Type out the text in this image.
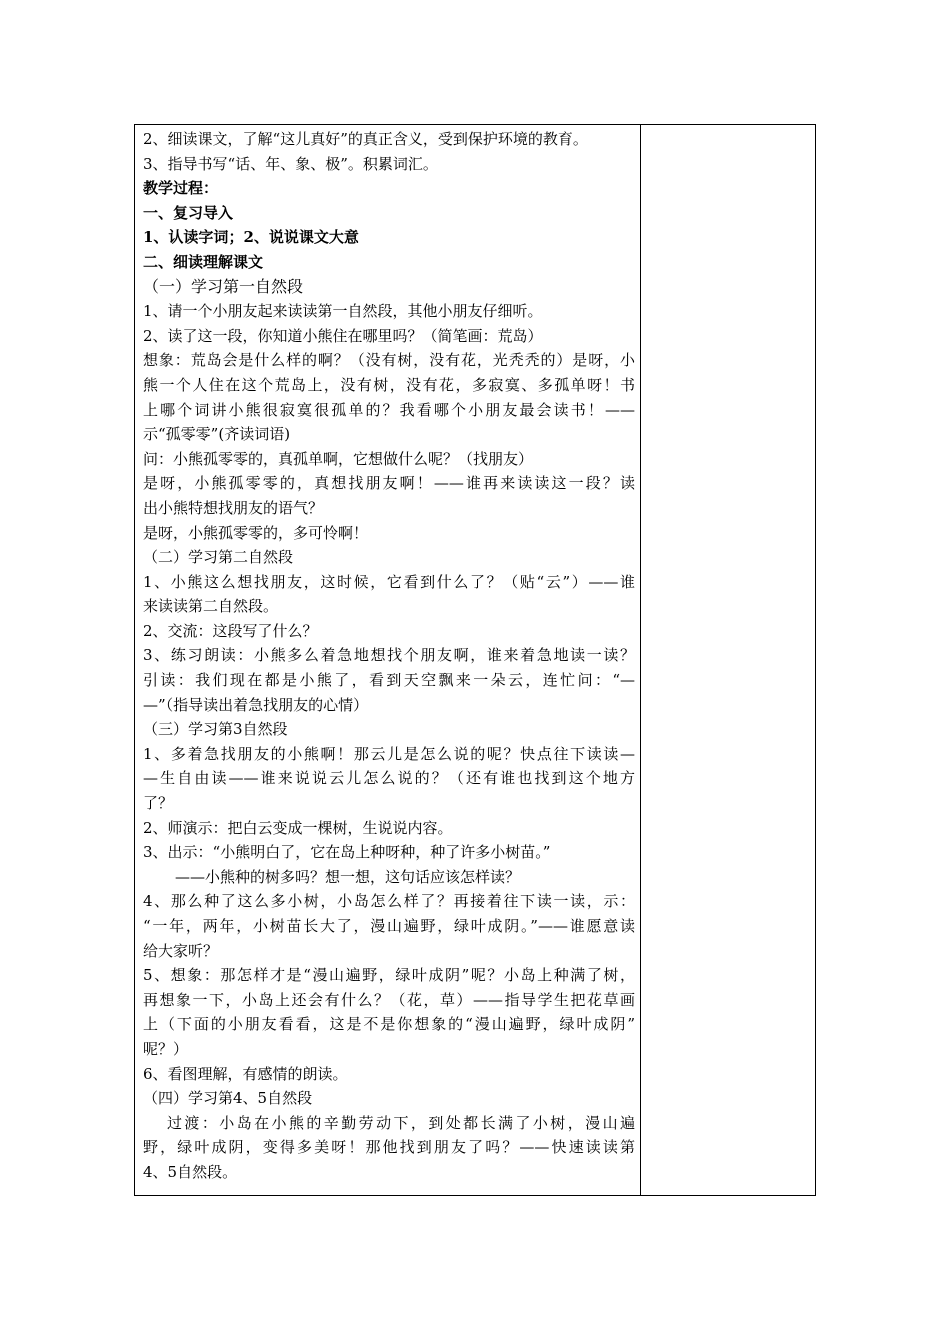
2、细读课文，了解“这儿真好”的真正含义，受到保护环境的教育。
3、指导书写“话、年、象、极”。积累词汇。
教学过程：
一、复习导入
1、认读字词；2、说说课文大意
二、细读理解课文
（一）学习第一自然段
1、请一个小朋友起来读读第一自然段，其他小朋友仔细听。
2、读了这一段，你知道小熊住在哪里吗？（简笔画：荒岛）
想象：荒岛会是什么样的啊？（没有树，没有花，光秃秃的）是呀，小
熊一个人住在这个荒岛上，没有树，没有花，多寂寞、多孤单呀！书
上哪个词讲小熊很寂寞很孤单的？我看哪个小朋友最会读书！——
示“孤零零”(齐读词语)
问：小熊孤零零的，真孤单啊，它想做什么呢？（找朋友）
是呀，小熊孤零零的，真想找朋友啊！——谁再来读读这一段？读
出小熊特想找朋友的语气？
是呀，小熊孤零零的，多可怜啊！
（二）学习第二自然段
1、小熊这么想找朋友，这时候，它看到什么了？（贴“云”）——谁
来读读第二自然段。
2、交流：这段写了什么？
3、练习朗读：小熊多么着急地想找个朋友啊，谁来着急地读一读？
引读：我们现在都是小熊了，看到天空飘来一朵云，连忙问：“—
—”（指导读出着急找朋友的心情）
（三）学习第3自然段
1、多着急找朋友的小熊啊！那云儿是怎么说的呢？快点往下读读—
—生自由读——谁来说说云儿怎么说的？（还有谁也找到这个地方
了？
2、师演示：把白云变成一棵树，生说说内容。
3、出示：“小熊明白了，它在岛上种呀种，种了许多小树苗。”
——小熊种的树多吗？想一想，这句话应该怎样读？
4、那么种了这么多小树，小岛怎么样了？再接着往下读一读，示：
“一年，两年，小树苗长大了，漫山遍野，绿叶成阴。”——谁愿意读
给大家听？
5、想象：那怎样才是“漫山遍野，绿叶成阴”呢？小岛上种满了树，
再想象一下，小岛上还会有什么？（花，草）——指导学生把花草画
上（下面的小朋友看看，这是不是你想象的“漫山遍野，绿叶成阴”
呢？）
6、看图理解，有感情的朗读。
（四）学习第4、5自然段
过渡：小岛在小熊的辛勤劳动下，到处都长满了小树，漫山遍
野，绿叶成阴，变得多美呀！那他找到朋友了吗？——快速读读第
4、5自然段。
